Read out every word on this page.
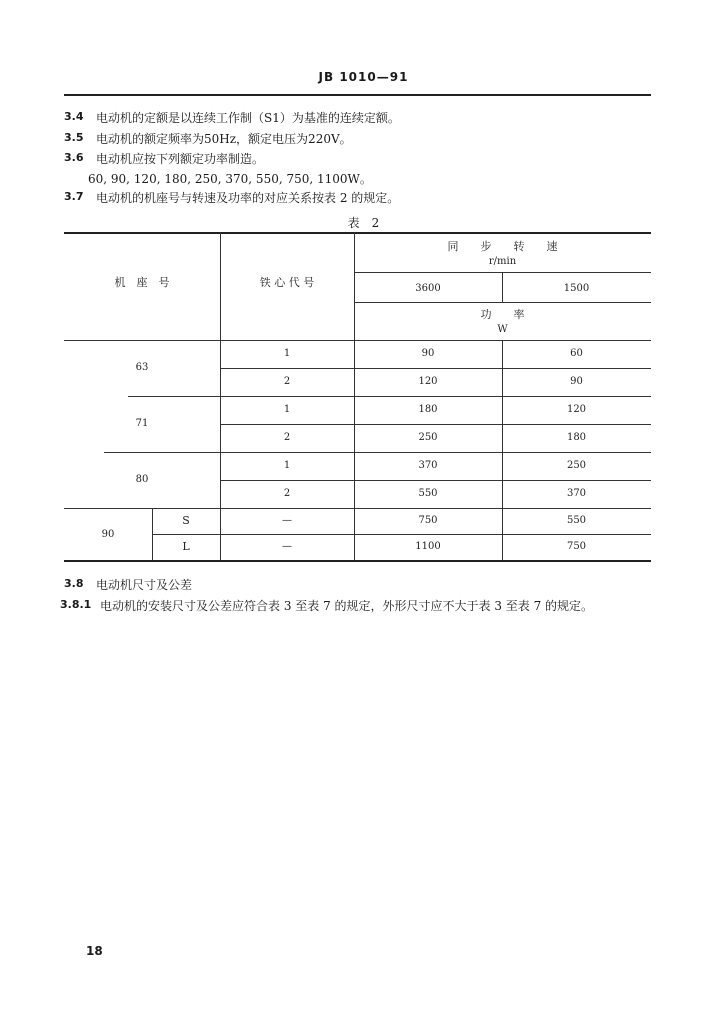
JB 1010—91
3.4 电动机的定额是以连续工作制（S1）为基准的连续定额。
3.5 电动机的额定频率为50Hz，额定电压为220V。
3.6 电动机应按下列额定功率制造。
60, 90, 120, 180, 250, 370, 550, 750, 1100W。
3.7 电动机的机座号与转速及功率的对应关系按表 2 的规定。
表　2
机　座　号	铁 心 代 号
同　　步　　转　　速
r/min
3600	1500
功　　率
W
63
1	90	60
2	120	90
71
1	180	120
2	250	180
80
1	370	250
2	550	370
90
S	—	750	550
L	—	1100	750
3.8 电动机尺寸及公差
3.8.1 电动机的安装尺寸及公差应符合表 3 至表 7 的规定，外形尺寸应不大于表 3 至表 7 的规定。
18
